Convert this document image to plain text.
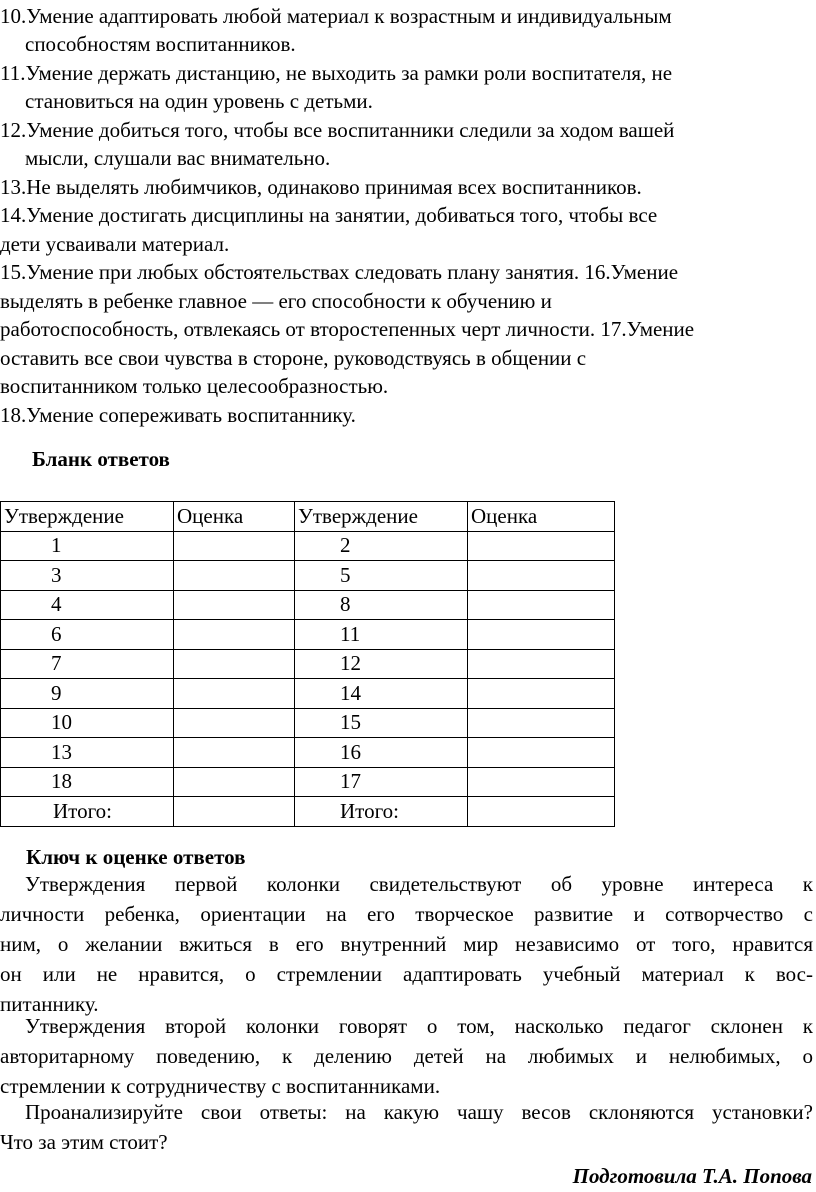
10.Умение адаптировать любой материал к возрастным и индивидуальным
способностям воспитанников.
11.Умение держать дистанцию, не выходить за рамки роли воспитателя, не
становиться на один уровень с детьми.
12.Умение добиться того, чтобы все воспитанники следили за ходом вашей
мысли, слушали вас внимательно.
13.Не выделять любимчиков, одинаково принимая всех воспитанников.
14.Умение достигать дисциплины на занятии, добиваться того, чтобы все
дети усваивали материал.
15.Умение при любых обстоятельствах следовать плану занятия. 16.Умение
выделять в ребенке главное — его способности к обучению и
работоспособность, отвлекаясь от второстепенных черт личности. 17.Умение
оставить все свои чувства в стороне, руководствуясь в общении с
воспитанником только целесообразностью.
18.Умение сопереживать воспитаннику.
Бланк ответов
Утверждение	Оценка	Утверждение	Оценка
1		2	
3		5	
4		8	
6		11	
7		12	
9		14	
10		15	
13		16	
18		17	
Итого:		Итого:	
Ключ к оценке ответов
Утверждения первой колонки свидетельствуют об уровне интереса к
личности ребенка, ориентации на его творческое развитие и сотворчество с
ним, о желании вжиться в его внутренний мир независимо от того, нравится
он или не нравится, о стремлении адаптировать учебный материал к вос-
питаннику.
Утверждения второй колонки говорят о том, насколько педагог склонен к
авторитарному поведению, к делению детей на любимых и нелюбимых, о
стремлении к сотрудничеству с воспитанниками.
Проанализируйте свои ответы: на какую чашу весов склоняются установки?
Что за этим стоит?
Подготовила Т.А. Попова
